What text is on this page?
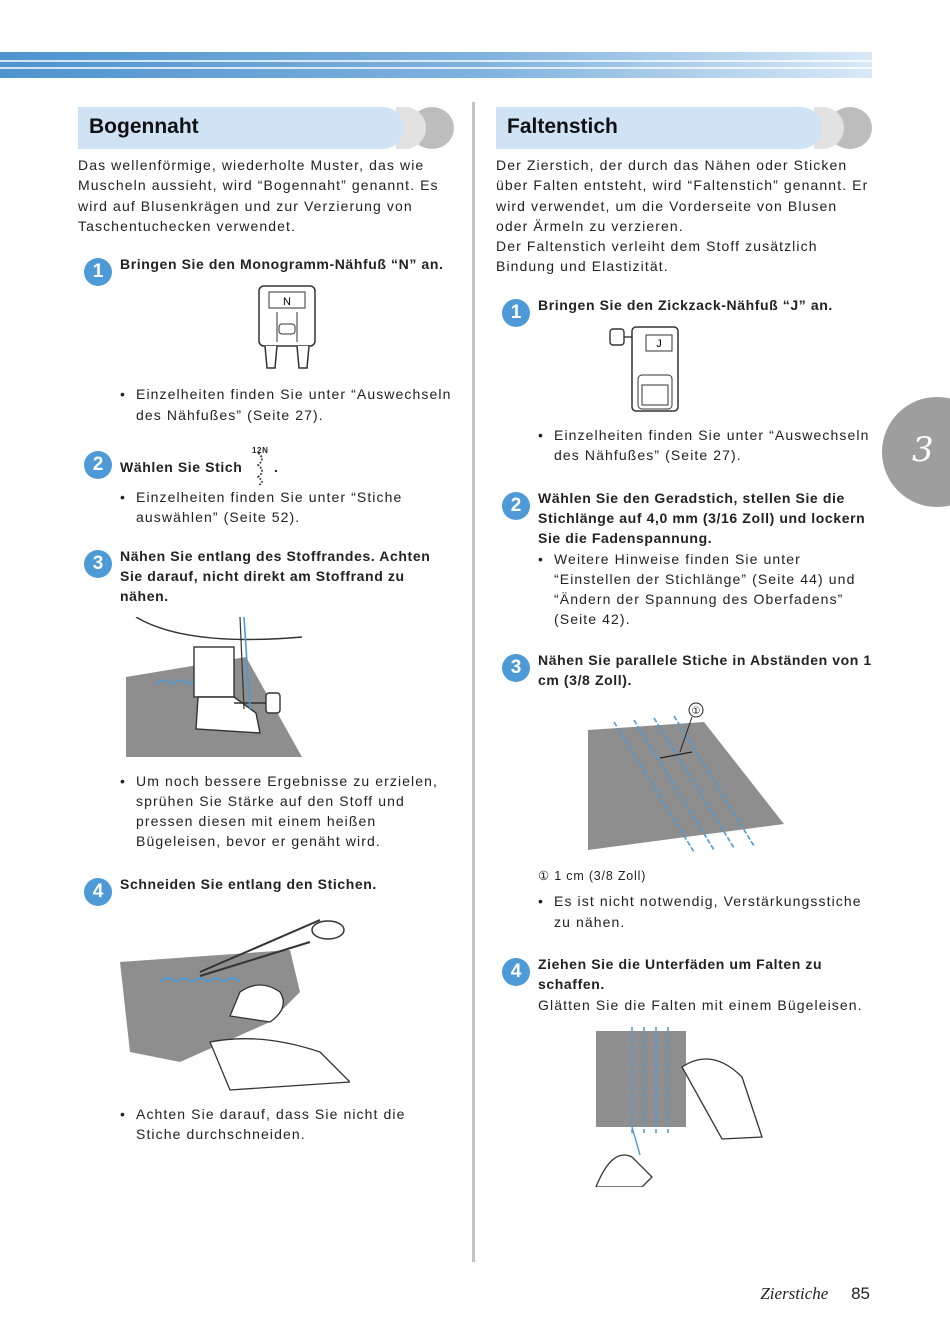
Bogennaht

Das wellenförmige, wiederholte Muster, das wie Muscheln aussieht, wird “Bogennaht” genannt. Es wird auf Blusenkrägen und zur Verzierung von Taschentuchecken verwendet.

1	Bringen Sie den Monogramm-Nähfuß “N” an.
N
• Einzelheiten finden Sie unter “Auswechseln des Nähfußes” (Seite 27).
2	Wählen Sie Stich
12N
.
• Einzelheiten finden Sie unter “Stiche auswählen” (Seite 52).
3	Nähen Sie entlang des Stoffrandes. Achten Sie darauf, nicht direkt am Stoffrand zu nähen.
• Um noch bessere Ergebnisse zu erzielen, sprühen Sie Stärke auf den Stoff und pressen diesen mit einem heißen Bügeleisen, bevor er genäht wird.
4	Schneiden Sie entlang den Stichen.
• Achten Sie darauf, dass Sie nicht die Stiche durchschneiden.
Faltenstich

Der Zierstich, der durch das Nähen oder Sticken über Falten entsteht, wird “Faltenstich” genannt. Er wird verwendet, um die Vorderseite von Blusen oder Ärmeln zu verzieren.
Der Faltenstich verleiht dem Stoff zusätzlich Bindung und Elastizität.

1	Bringen Sie den Zickzack-Nähfuß “J” an.
J
• Einzelheiten finden Sie unter “Auswechseln des Nähfußes” (Seite 27).
2	Wählen Sie den Geradstich, stellen Sie die Stichlänge auf 4,0 mm (3/16 Zoll) und lockern Sie die Fadenspannung.
• Weitere Hinweise finden Sie unter “Einstellen der Stichlänge” (Seite 44) und “Ändern der Spannung des Oberfadens” (Seite 42).
3	Nähen Sie parallele Stiche in Abständen von 1 cm (3/8 Zoll).
①
① 1 cm (3/8 Zoll)
• Es ist nicht notwendig, Verstärkungsstiche zu nähen.
4	Ziehen Sie die Unterfäden um Falten zu schaffen.
Glätten Sie die Falten mit einem Bügeleisen.
3
Zierstiche 85
